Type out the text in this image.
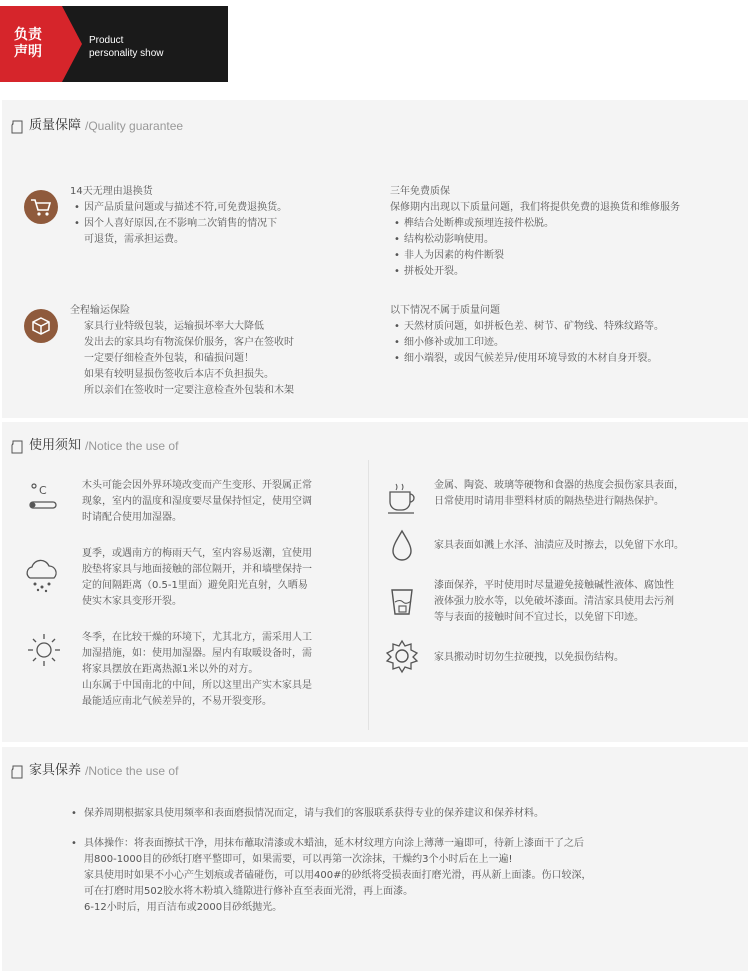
负责
声明
Product
personality show
质量保障 /Quality guarantee
14天无理由退换货
• 因产品质量问题或与描述不符,可免费退换货。
• 因个人喜好原因,在不影响二次销售的情况下
可退货，需承担运费。
全程输运保险
家具行业特级包装，运输损坏率大大降低
发出去的家具均有物流保价服务，客户在签收时
一定要仔细检查外包装，和磕损问题！
如果有较明显损伤签收后本店不负担损失。
所以亲们在签收时一定要注意检查外包装和木架
三年免费质保
保修期内出现以下质量问题，我们将提供免费的退换货和维修服务
• 榫结合处断榫或预埋连接件松脱。
• 结构松动影响使用。
• 非人为因素的构件断裂
• 拼板处开裂。
以下情况不属于质量问题
• 天然材质问题，如拼板色差、树节、矿物线、特殊纹路等。
• 细小修补或加工印迹。
• 细小端裂，或因气候差异/使用环境导致的木材自身开裂。
使用须知 /Notice the use of
C	木头可能会因外界环境改变而产生变形、开裂属正常
现象，室内的温度和湿度要尽量保持恒定，使用空调
时请配合使用加湿器。
夏季，或遇南方的梅雨天气，室内容易返潮，宜使用
胶垫将家具与地面接触的部位隔开，并和墙壁保持一
定的间隔距离（0.5-1里面）避免阳光直射，久晒易
使实木家具变形开裂。
冬季，在比较干燥的环境下，尤其北方，需采用人工
加湿措施，如：使用加湿器。屋内有取暖设备时，需
将家具摆放在距离热源1米以外的对方。
山东属于中国南北的中间，所以这里出产实木家具是
最能适应南北气候差异的，不易开裂变形。
金属、陶瓷、玻璃等硬物和食器的热度会损伤家具表面，
日常使用时请用非塑料材质的隔热垫进行隔热保护。
家具表面如溅上水泽、油渍应及时擦去，以免留下水印。
漆面保养，平时使用时尽量避免接触碱性液体、腐蚀性
液体强力胶水等，以免破坏漆面。清洁家具使用去污剂
等与表面的接触时间不宜过长，以免留下印迹。
家具搬动时切勿生拉硬拽，以免损伤结构。
家具保养 /Notice the use of
• 保养周期根据家具使用频率和表面磨损情况而定，请与我们的客服联系获得专业的保养建议和保养材料。
• 具体操作：将表面擦拭干净，用抹布蘸取清漆或木蜡油，延木材纹理方向涂上薄薄一遍即可，待新上漆面干了之后
用800-1000目的砂纸打磨平整即可，如果需要，可以再第一次涂抹，干燥约3个小时后在上一遍!
家具使用时如果不小心产生划痕或者磕碰伤，可以用400#的砂纸将受损表面打磨光滑，再从新上面漆。伤口较深，
可在打磨时用502胶水将木粉填入缝隙进行修补直至表面光滑，再上面漆。
6-12小时后，用百洁布或2000目砂纸抛光。
